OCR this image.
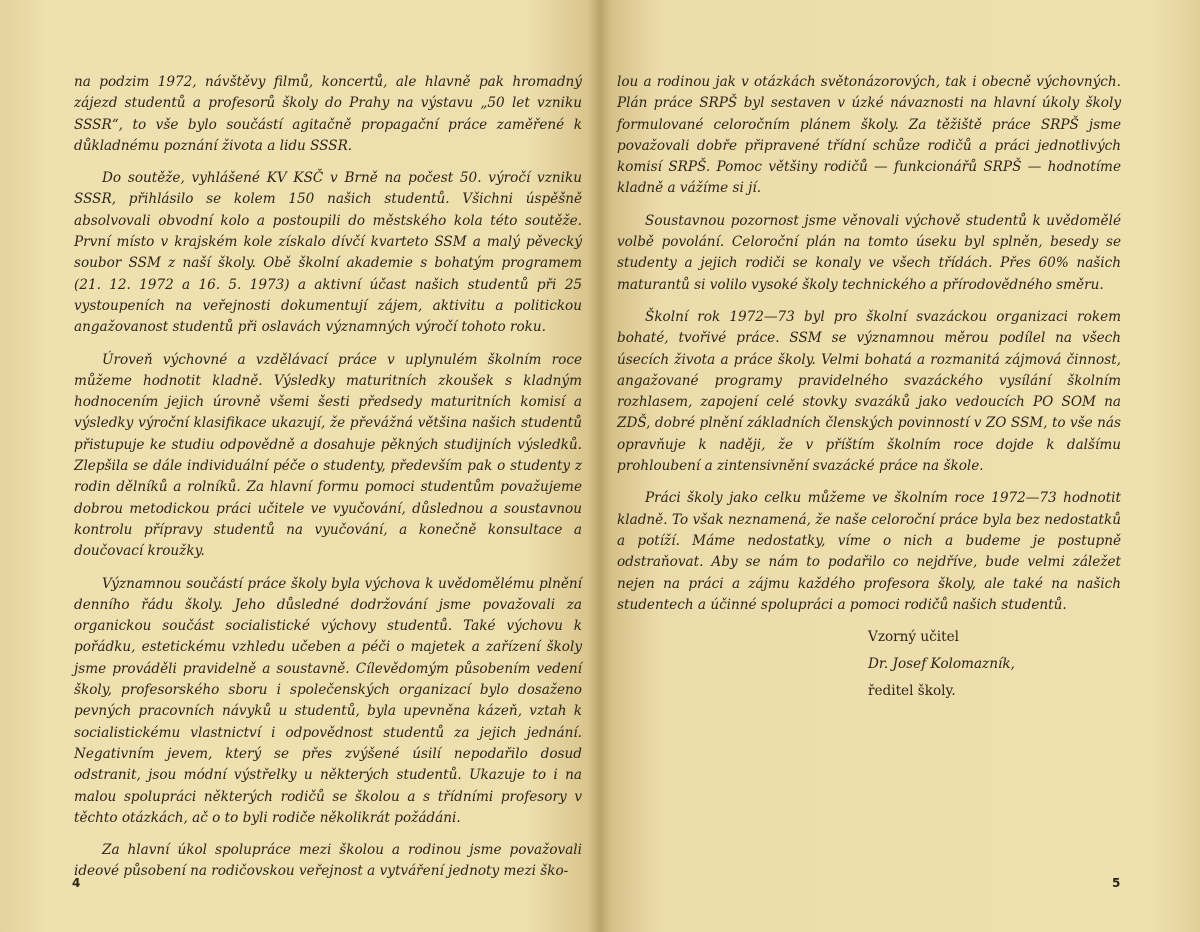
na podzim 1972, návštěvy filmů, koncertů, ale hlavně pak hromadný zájezd studentů a profesorů školy do Prahy na výstavu „50 let vzniku SSSR“, to vše bylo součástí agitačně propagační práce zaměřené k důkladnému poznání života a lidu SSSR.

Do soutěže, vyhlášené KV KSČ v Brně na počest 50. výročí vzniku SSSR, přihlásilo se kolem 150 našich studentů. Všichni úspěšně absolvovali obvodní kolo a postoupili do městského kola této soutěže. První místo v krajském kole získalo dívčí kvarteto SSM a malý pěvecký soubor SSM z naší školy. Obě školní akademie s bohatým programem (21. 12. 1972 a 16. 5. 1973) a aktivní účast našich studentů při 25 vystoupeních na veřejnosti dokumentují zájem, aktivitu a politickou angažovanost studentů při oslavách významných výročí tohoto roku.

Úroveň výchovné a vzdělávací práce v uplynulém školním roce můžeme hodnotit kladně. Výsledky maturitních zkoušek s kladným hodnocením jejich úrovně všemi šesti předsedy maturitních komisí a výsledky výroční klasifikace ukazují, že převážná většina našich studentů přistupuje ke studiu odpovědně a dosahuje pěkných studijních výsledků. Zlepšila se dále individuální péče o studenty, především pak o studenty z rodin dělníků a rolníků. Za hlavní formu pomoci studentům považujeme dobrou metodickou práci učitele ve vyučování, důslednou a soustavnou kontrolu přípravy studentů na vyučování, a konečně konsultace a doučovací kroužky.

Významnou součástí práce školy byla výchova k uvědomělému plnění denního řádu školy. Jeho důsledné dodržování jsme považovali za organickou součást socialistické výchovy studentů. Také výchovu k pořádku, estetickému vzhledu učeben a péči o majetek a zařízení školy jsme prováděli pravidelně a soustavně. Cílevědomým působením vedení školy, profesorského sboru i společenských organizací bylo dosaženo pevných pracovních návyků u studentů, byla upevněna kázeň, vztah k socialistickému vlastnictví i odpovědnost studentů za jejich jednání. Negativním jevem, který se přes zvýšené úsilí nepodařilo dosud odstranit, jsou módní výstřelky u některých studentů. Ukazuje to i na malou spolupráci některých rodičů se školou a s třídními profesory v těchto otázkách, ač o to byli rodiče několikrát požádáni.

Za hlavní úkol spolupráce mezi školou a rodinou jsme považovali ideové působení na rodičovskou veřejnost a vytváření jednoty mezi ško-

4

lou a rodinou jak v otázkách světonázorových, tak i obecně výchovných. Plán práce SRPŠ byl sestaven v úzké návaznosti na hlavní úkoly školy formulované celoročním plánem školy. Za těžiště práce SRPŠ jsme považovali dobře připravené třídní schůze rodičů a práci jednotlivých komisí SRPŠ. Pomoc většiny rodičů — funkcionářů SRPŠ — hodnotíme kladně a vážíme si jí.

Soustavnou pozornost jsme věnovali výchově studentů k uvědomělé volbě povolání. Celoroční plán na tomto úseku byl splněn, besedy se studenty a jejich rodiči se konaly ve všech třídách. Přes 60% našich maturantů si volilo vysoké školy technického a přírodovědného směru.

Školní rok 1972—73 byl pro školní svazáckou organizaci rokem bohaté, tvořivé práce. SSM se významnou měrou podílel na všech úsecích života a práce školy. Velmi bohatá a rozmanitá zájmová činnost, angažované programy pravidelného svazáckého vysílání školním rozhlasem, zapojení celé stovky svazáků jako vedoucích PO SOM na ZDŠ, dobré plnění základních členských povinností v ZO SSM, to vše nás opravňuje k naději, že v příštím školním roce dojde k dalšímu prohloubení a zintensivnění svazácké práce na škole.

Práci školy jako celku můžeme ve školním roce 1972—73 hodnotit kladně. To však neznamená, že naše celoroční práce byla bez nedostatků a potíží. Máme nedostatky, víme o nich a budeme je postupně odstraňovat. Aby se nám to podařilo co nejdříve, bude velmi záležet nejen na práci a zájmu každého profesora školy, ale také na našich studentech a účinné spolupráci a pomoci rodičů našich studentů.

Vzorný učitel
Dr. Josef Kolomazník,
ředitel školy.
5
